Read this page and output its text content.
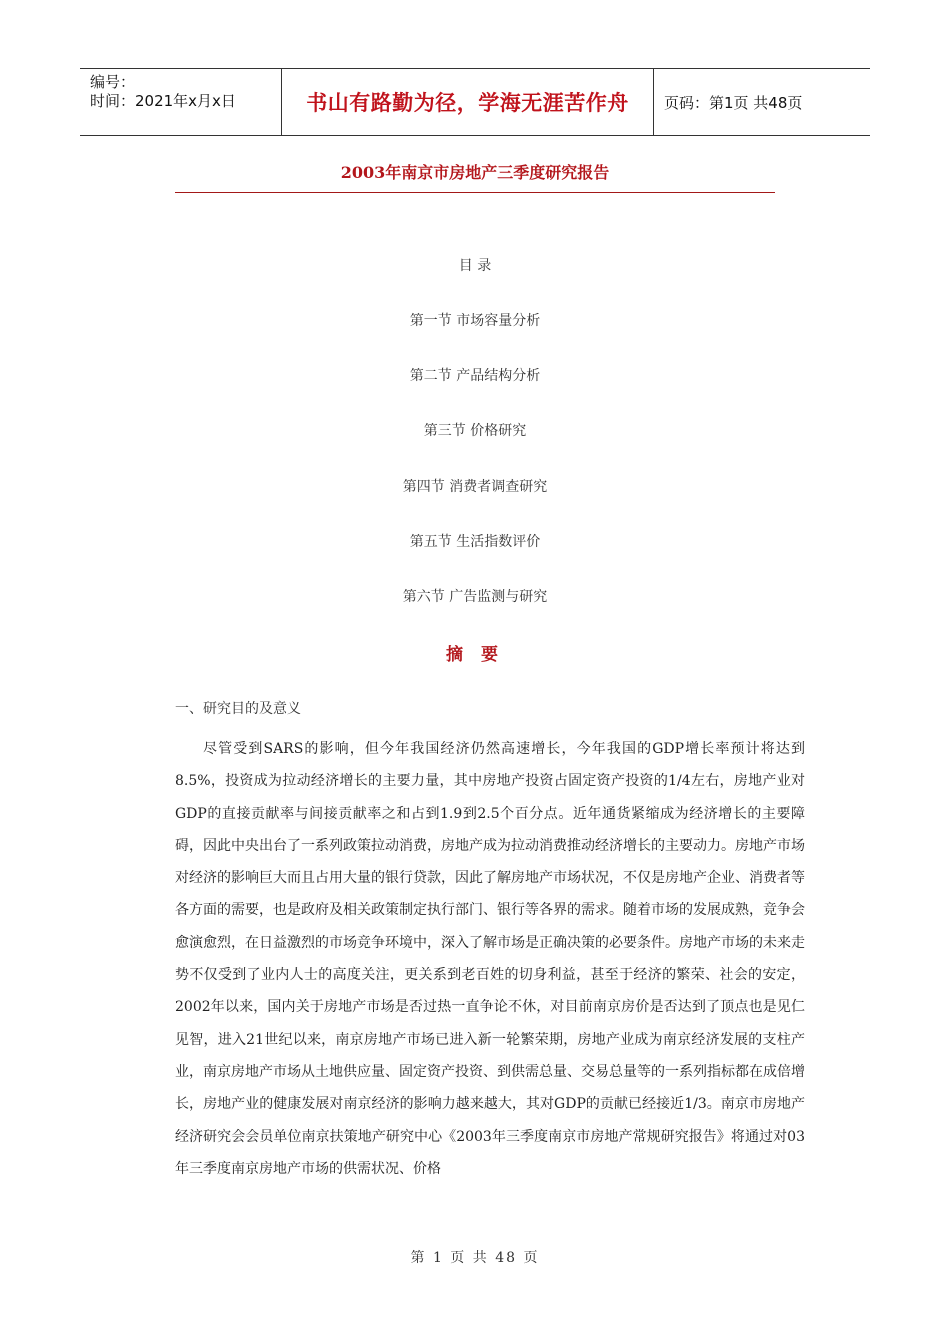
编号：
时间：2021年x月x日	书山有路勤为径，学海无涯苦作舟	页码：第1页 共48页
2003年南京市房地产三季度研究报告
目 录
第一节 市场容量分析
第二节 产品结构分析
第三节 价格研究
第四节 消费者调查研究
第五节 生活指数评价
第六节 广告监测与研究
摘 要
一、研究目的及意义

尽管受到SARS的影响，但今年我国经济仍然高速增长，今年我国的GDP增长率预计将达到8.5%，投资成为拉动经济增长的主要力量，其中房地产投资占固定资产投资的1/4左右，房地产业对GDP的直接贡献率与间接贡献率之和占到1.9到2.5个百分点。近年通货紧缩成为经济增长的主要障碍，因此中央出台了一系列政策拉动消费，房地产成为拉动消费推动经济增长的主要动力。房地产市场对经济的影响巨大而且占用大量的银行贷款，因此了解房地产市场状况，不仅是房地产企业、消费者等各方面的需要，也是政府及相关政策制定执行部门、银行等各界的需求。随着市场的发展成熟，竞争会愈演愈烈，在日益激烈的市场竞争环境中，深入了解市场是正确决策的必要条件。房地产市场的未来走势不仅受到了业内人士的高度关注，更关系到老百姓的切身利益，甚至于经济的繁荣、社会的安定，2002年以来，国内关于房地产市场是否过热一直争论不休，对目前南京房价是否达到了顶点也是见仁见智，进入21世纪以来，南京房地产市场已进入新一轮繁荣期，房地产业成为南京经济发展的支柱产业，南京房地产市场从土地供应量、固定资产投资、到供需总量、交易总量等的一系列指标都在成倍增长，房地产业的健康发展对南京经济的影响力越来越大，其对GDP的贡献已经接近1/3。南京市房地产经济研究会会员单位南京扶策地产研究中心《2003年三季度南京市房地产常规研究报告》将通过对03年三季度南京房地产市场的供需状况、价格

第 1 页 共 48 页
